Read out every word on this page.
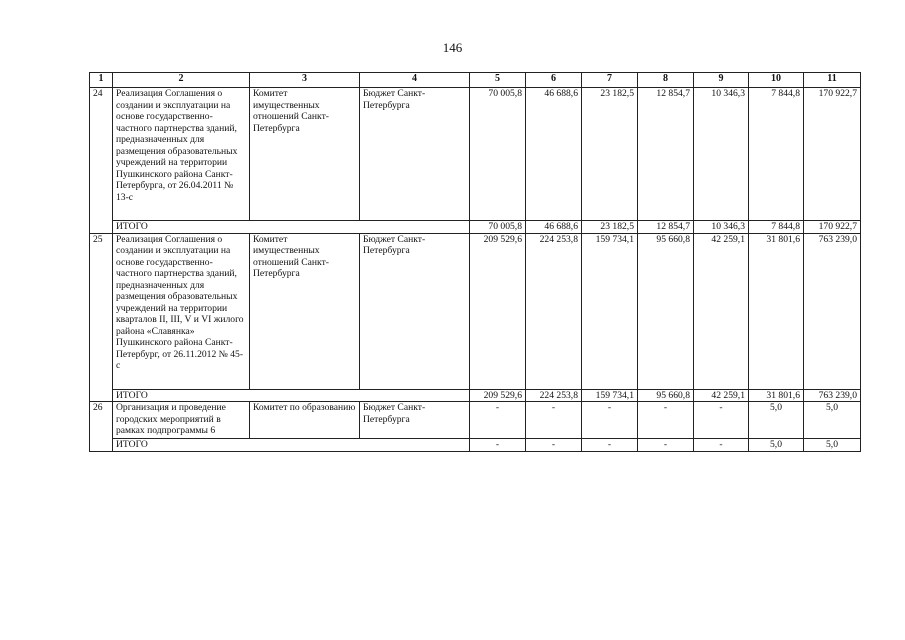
146
1	2	3	4	5	6	7	8	9	10	11
24	Реализация Соглашения о создании и эксплуатации на основе государственно-частного партнерства зданий, предназначенных для размещения образовательных учреждений на территории Пушкинского района Санкт-Петербурга, от 26.04.2011 № 13-с	Комитет имущественных отношений Санкт-Петербурга	Бюджет Санкт-Петербурга	70 005,8	46 688,6	23 182,5	12 854,7	10 346,3	7 844,8	170 922,7
	ИТОГО			70 005,8	46 688,6	23 182,5	12 854,7	10 346,3	7 844,8	170 922,7
25	Реализация Соглашения о создании и эксплуатации на основе государственно-частного партнерства зданий, предназначенных для размещения образовательных учреждений на территории кварталов II, III, V и VI жилого района «Славянка» Пушкинского района Санкт-Петербург, от 26.11.2012 № 45-с	Комитет имущественных отношений Санкт-Петербурга	Бюджет Санкт-Петербурга	209 529,6	224 253,8	159 734,1	95 660,8	42 259,1	31 801,6	763 239,0
	ИТОГО			209 529,6	224 253,8	159 734,1	95 660,8	42 259,1	31 801,6	763 239,0
26	Организация и проведение городских мероприятий в рамках подпрограммы 6	Комитет по образованию	Бюджет Санкт-Петербурга	-	-	-	-	-	5,0	5,0
	ИТОГО			-	-	-	-	-	5,0	5,0
